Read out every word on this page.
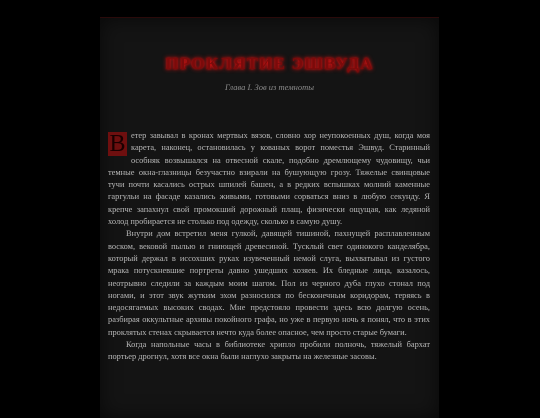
ПРОКЛЯТИЕ ЭШВУДА
Глава I. Зов из темноты

В етер завывал в кронах мертвых вязов, словно хор неупокоенных душ, когда моя карета, наконец, остановилась у кованых ворот поместья Эшвуд. Старинный особняк возвышался на отвесной скале, подобно дремлющему чудовищу, чьи темные окна-глазницы безучастно взирали на бушующую грозу. Тяжелые свинцовые тучи почти касались острых шпилей башен, а в редких вспышках молний каменные гаргульи на фасаде казались живыми, готовыми сорваться вниз в любую секунду. Я крепче запахнул свой промокший дорожный плащ, физически ощущая, как ледяной холод пробирается не столько под одежду, сколько в самую душу.

Внутри дом встретил меня гулкой, давящей тишиной, пахнущей расплавленным воском, вековой пылью и гниющей древесиной. Тусклый свет одинокого канделябра, который держал в иссохших руках изувеченный немой слуга, выхватывал из густого мрака потускневшие портреты давно ушедших хозяев. Их бледные лица, казалось, неотрывно следили за каждым моим шагом. Пол из черного дуба глухо стонал под ногами, и этот звук жутким эхом разносился по бесконечным коридорам, теряясь в недосягаемых высоких сводах. Мне предстояло провести здесь всю долгую осень, разбирая оккультные архивы покойного графа, но уже в первую ночь я понял, что в этих проклятых стенах скрывается нечто куда более опасное, чем просто старые бумаги.

Когда напольные часы в библиотеке хрипло пробили полночь, тяжелый бархат портьер дрогнул, хотя все окна были наглухо закрыты на железные засовы.
